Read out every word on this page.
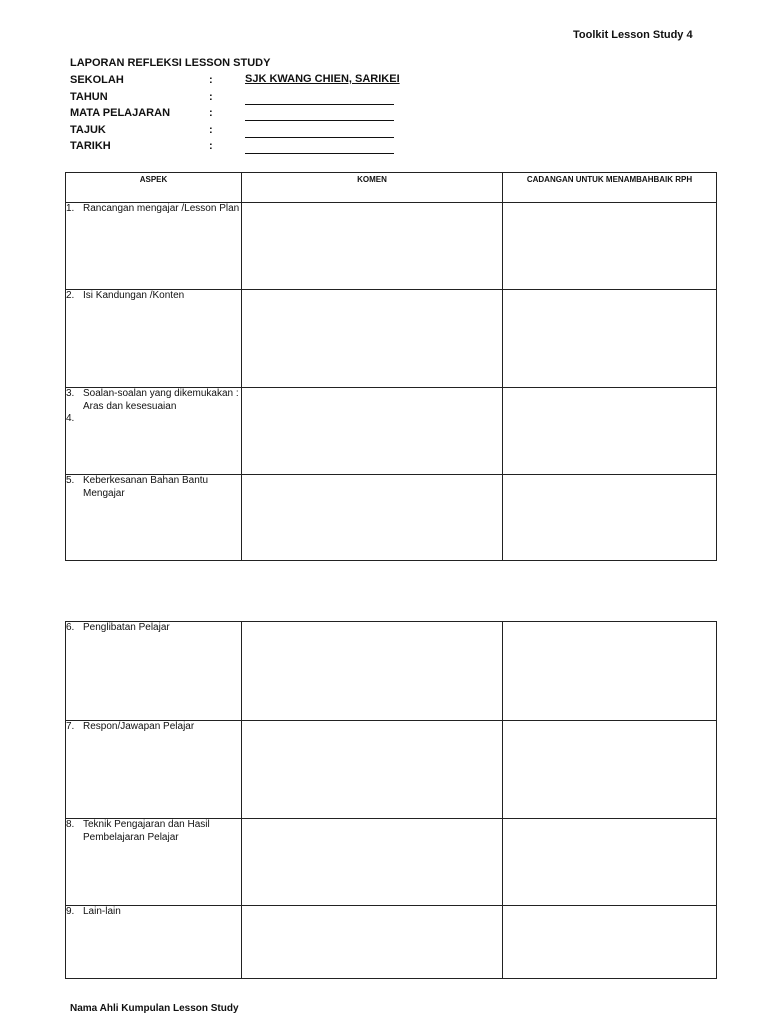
Toolkit Lesson Study 4
LAPORAN REFLEKSI LESSON STUDY
SEKOLAH	:	SJK KWANG CHIEN, SARIKEI
TAHUN	:
MATA PELAJARAN	:
TAJUK	:
TARIKH	:
ASPEK	KOMEN	CADANGAN UNTUK MENAMBAHBAIK RPH

1. Rancangan mengajar /Lesson Plan		

2. Isi Kandungan /Konten		

3. Soalan-soalan yang dikemukakan : Aras dan kesesuaian
4.		

5. Keberkesanan Bahan Bantu Mengajar		

6. Penglibatan Pelajar		

7. Respon/Jawapan Pelajar		

8. Teknik Pengajaran dan Hasil Pembelajaran Pelajar		

9. Lain-lain		

Nama Ahli Kumpulan Lesson Study
